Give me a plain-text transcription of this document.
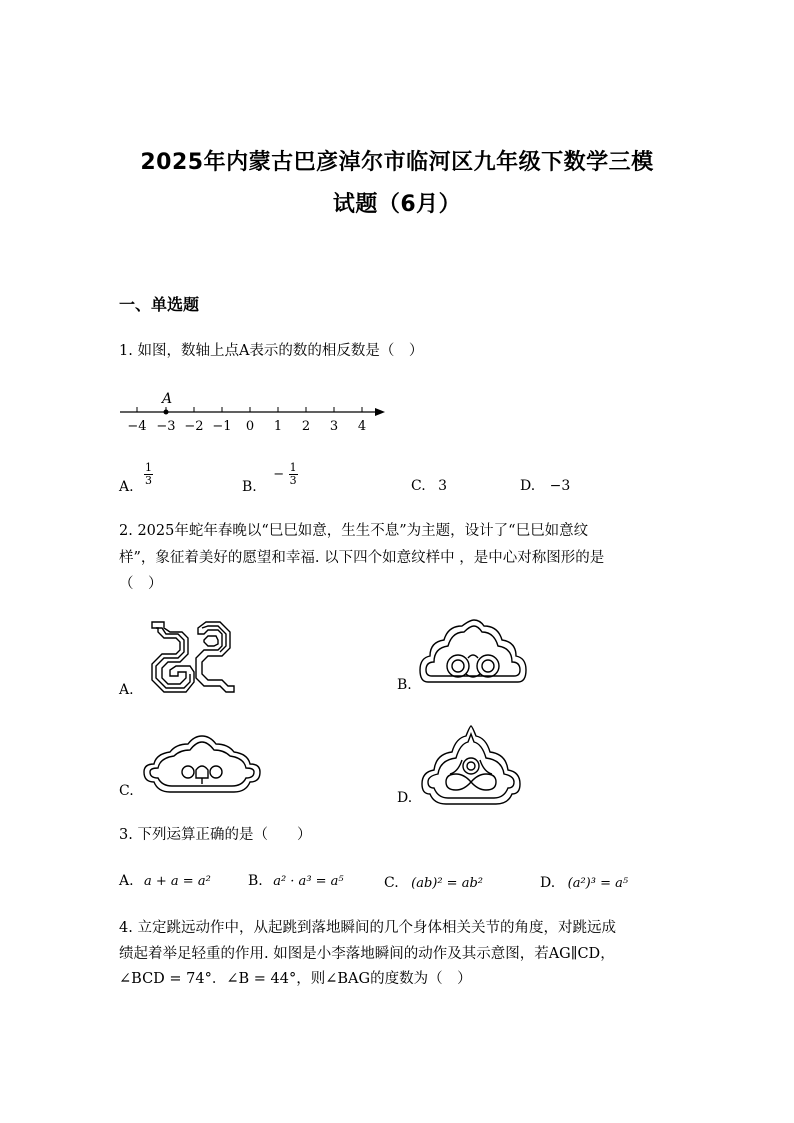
2025年内蒙古巴彦淖尔市临河区九年级下数学三模
试题（6月）
一、单选题
1. 如图，数轴上点A表示的数的相反数是（　）
A
−4 −3 −2 −1 0 1 2 3 4
A. $\frac{1}{3}$	B. − $\frac{1}{3}$	C. 3	D. −3
2. 2025年蛇年春晚以“巳巳如意，生生不息”为主题，设计了“巳巳如意纹
样”，象征着美好的愿望和幸福. 以下四个如意纹样中 ，是中心对称图形的是
（　）
A.	B.
C.	D.
3. 下列运算正确的是（　　）
A. a + a = a²	B. a² · a³ = a⁵	C. (ab)² = ab²	D. (a²)³ = a⁵
4. 立定跳远动作中，从起跳到落地瞬间的几个身体相关关节的角度，对跳远成
绩起着举足轻重的作用. 如图是小李落地瞬间的动作及其示意图，若AG∥CD，
∠BCD = 74°．∠B = 44°，则∠BAG的度数为（　）
